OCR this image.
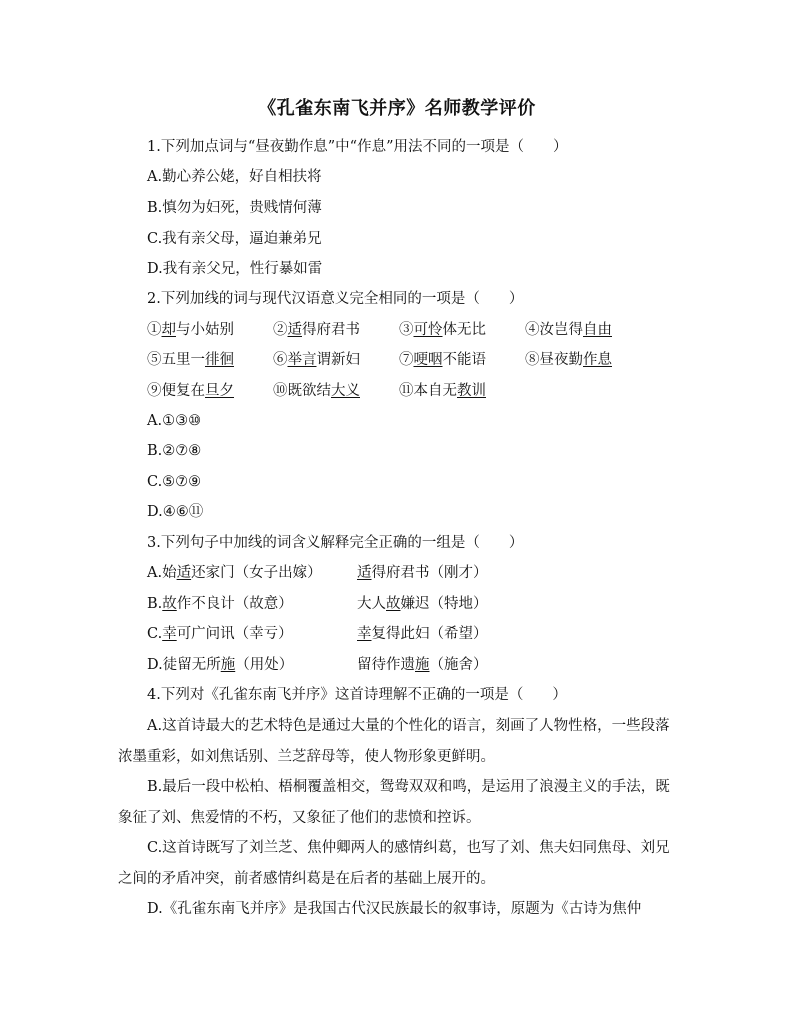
《孔雀东南飞并序》名师教学评价
1.下列加点词与“昼夜勤作息”中“作息”用法不同的一项是（　　）
A.勤心养公姥，好自相扶将
B.慎勿为妇死，贵贱情何薄
C.我有亲父母，逼迫兼弟兄
D.我有亲父兄，性行暴如雷
2.下列加线的词与现代汉语意义完全相同的一项是（　　）
①却与小姑别	②适得府君书	③可怜体无比	④汝岂得自由
⑤五里一徘徊	⑥举言谓新妇	⑦哽咽不能语	⑧昼夜勤作息
⑨便复在旦夕	⑩既欲结大义	⑪本自无教训
A.①③⑩
B.②⑦⑧
C.⑤⑦⑨
D.④⑥⑪
3.下列句子中加线的词含义解释完全正确的一组是（　　）
A.始适还家门（女子出嫁） 适得府君书（刚才）
B.故作不良计（故意）	大人故嫌迟（特地）
C.幸可广问讯（幸亏）	幸复得此妇（希望）
D.徒留无所施（用处）	留待作遗施（施舍）
4.下列对《孔雀东南飞并序》这首诗理解不正确的一项是（　　）

A.这首诗最大的艺术特色是通过大量的个性化的语言，刻画了人物性格，一些段落浓墨重彩，如刘焦话别、兰芝辞母等，使人物形象更鲜明。

B.最后一段中松柏、梧桐覆盖相交，鸳鸯双双和鸣，是运用了浪漫主义的手法，既象征了刘、焦爱情的不朽，又象征了他们的悲愤和控诉。

C.这首诗既写了刘兰芝、焦仲卿两人的感情纠葛，也写了刘、焦夫妇同焦母、刘兄之间的矛盾冲突，前者感情纠葛是在后者的基础上展开的。

D.《孔雀东南飞并序》是我国古代汉民族最长的叙事诗，原题为《古诗为焦仲
